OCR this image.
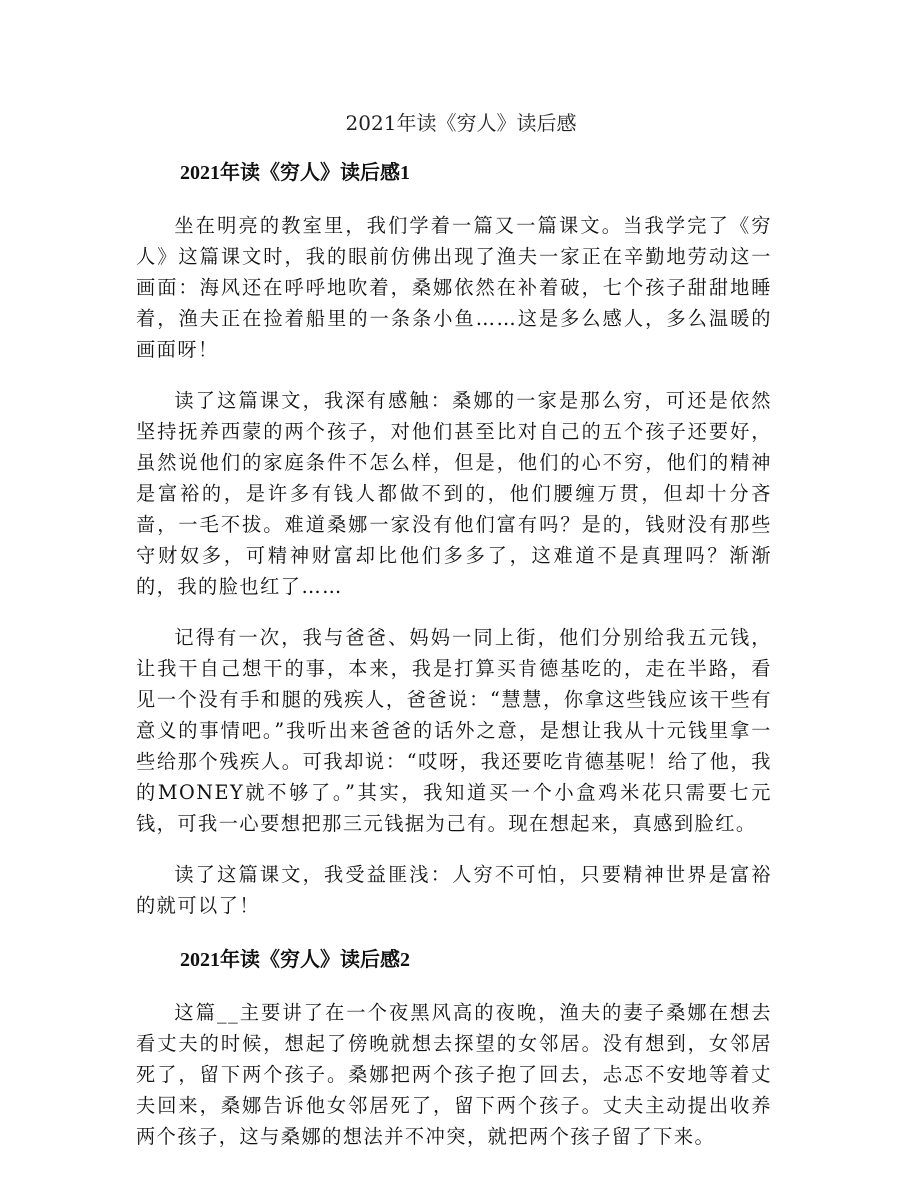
2021年读《穷人》读后感
2021年读《穷人》读后感1

坐在明亮的教室里，我们学着一篇又一篇课文。当我学完了《穷人》这篇课文时，我的眼前仿佛出现了渔夫一家正在辛勤地劳动这一画面：海风还在呼呼地吹着，桑娜依然在补着破，七个孩子甜甜地睡着，渔夫正在捡着船里的一条条小鱼……这是多么感人，多么温暖的画面呀！

读了这篇课文，我深有感触：桑娜的一家是那么穷，可还是依然坚持抚养西蒙的两个孩子，对他们甚至比对自己的五个孩子还要好，虽然说他们的家庭条件不怎么样，但是，他们的心不穷，他们的精神是富裕的，是许多有钱人都做不到的，他们腰缠万贯，但却十分吝啬，一毛不拔。难道桑娜一家没有他们富有吗？是的，钱财没有那些守财奴多，可精神财富却比他们多多了，这难道不是真理吗？渐渐的，我的脸也红了……

记得有一次，我与爸爸、妈妈一同上街，他们分别给我五元钱，让我干自己想干的事，本来，我是打算买肯德基吃的，走在半路，看见一个没有手和腿的残疾人，爸爸说：“慧慧，你拿这些钱应该干些有意义的事情吧。”我听出来爸爸的话外之意，是想让我从十元钱里拿一些给那个残疾人。可我却说：“哎呀，我还要吃肯德基呢！给了他，我的MONEY就不够了。”其实，我知道买一个小盒鸡米花只需要七元钱，可我一心要想把那三元钱据为己有。现在想起来，真感到脸红。

读了这篇课文，我受益匪浅：人穷不可怕，只要精神世界是富裕的就可以了！

2021年读《穷人》读后感2

这篇__主要讲了在一个夜黑风高的夜晚，渔夫的妻子桑娜在想去看丈夫的时候，想起了傍晚就想去探望的女邻居。没有想到，女邻居死了，留下两个孩子。桑娜把两个孩子抱了回去，忐忑不安地等着丈夫回来，桑娜告诉他女邻居死了，留下两个孩子。丈夫主动提出收养两个孩子，这与桑娜的想法并不冲突，就把两个孩子留了下来。
